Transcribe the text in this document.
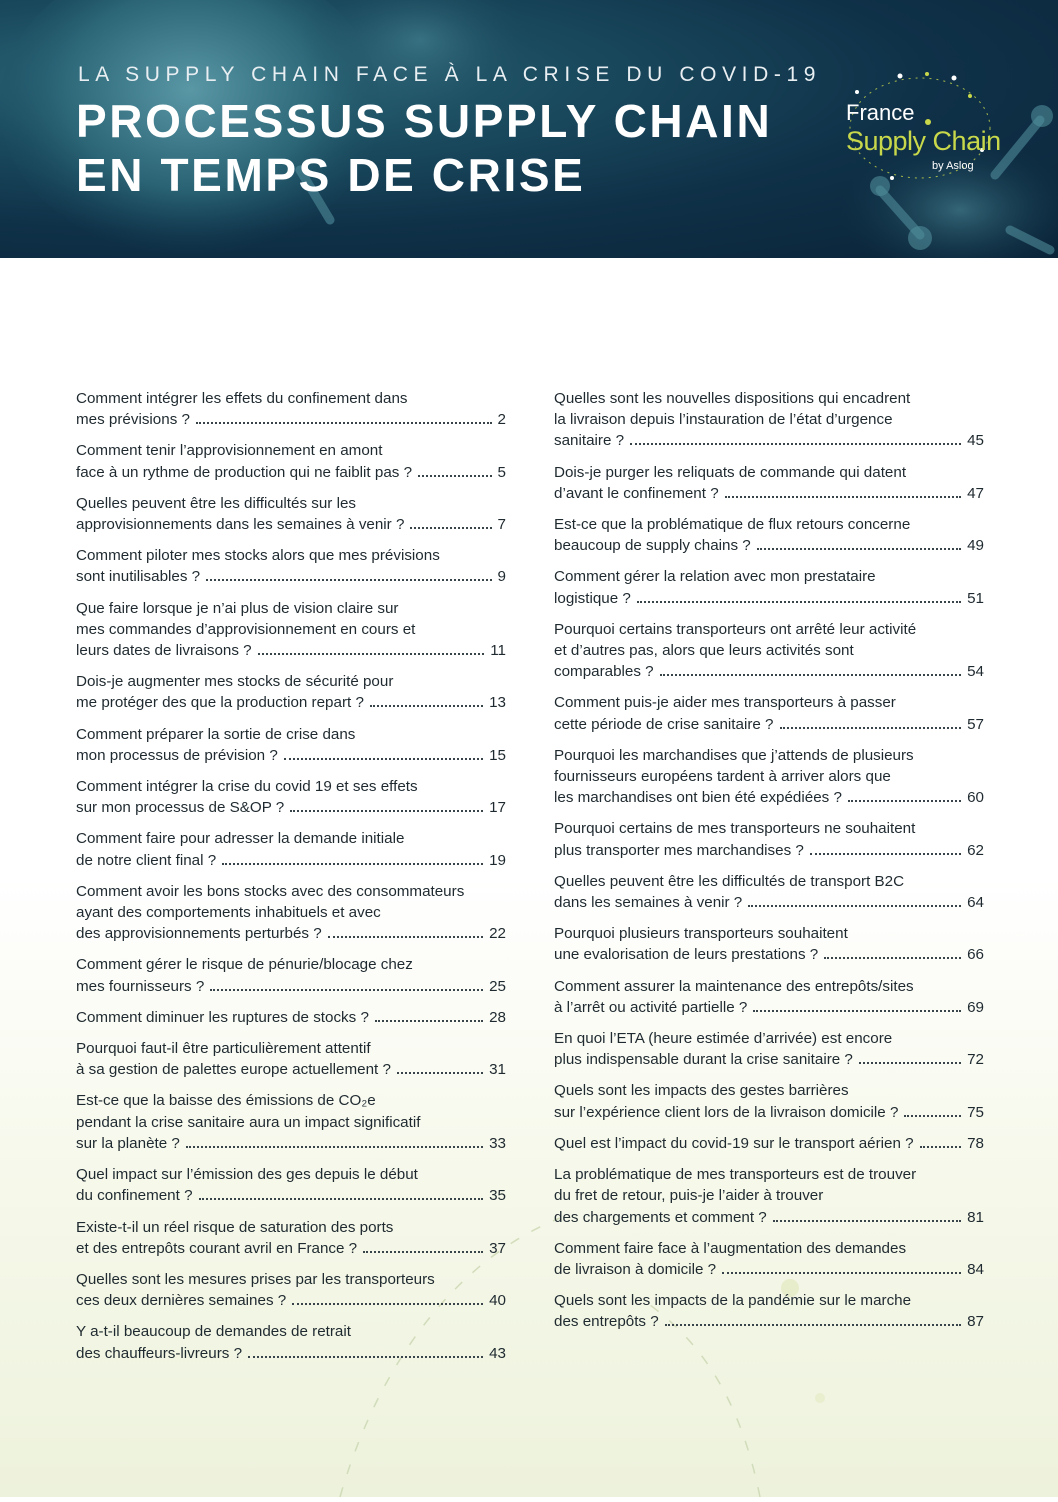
LA SUPPLY CHAIN FACE À LA CRISE DU COVID-19
PROCESSUS SUPPLY CHAIN
EN TEMPS DE CRISE
France
Supply Chain
by Aslog
Comment intégrer les effets du confinement dans
mes prévisions ?	2
Comment tenir l’approvisionnement en amont
face à un rythme de production qui ne faiblit pas ?	5
Quelles peuvent être les difficultés sur les
approvisionnements dans les semaines à venir ?	7
Comment piloter mes stocks alors que mes prévisions
sont inutilisables ?	9
Que faire lorsque je n’ai plus de vision claire sur
mes commandes d’approvisionnement en cours et
leurs dates de livraisons ?	11
Dois-je augmenter mes stocks de sécurité pour
me protéger des que la production repart ?	13
Comment préparer la sortie de crise dans
mon processus de prévision ?	15
Comment intégrer la crise du covid 19 et ses effets
sur mon processus de S&OP ?	17
Comment faire pour adresser la demande initiale
de notre client final ?	19
Comment avoir les bons stocks avec des consommateurs
ayant des comportements inhabituels et avec
des approvisionnements perturbés ?	22
Comment gérer le risque de pénurie/blocage chez
mes fournisseurs ?	25
Comment diminuer les ruptures de stocks ?	28
Pourquoi faut-il être particulièrement attentif
à sa gestion de palettes europe actuellement ?	31
Est-ce que la baisse des émissions de CO₂e
pendant la crise sanitaire aura un impact significatif
sur la planète ?	33
Quel impact sur l’émission des ges depuis le début
du confinement ?	35
Existe-t-il un réel risque de saturation des ports
et des entrepôts courant avril en France ?	37
Quelles sont les mesures prises par les transporteurs
ces deux dernières semaines ?	40
Y a-t-il beaucoup de demandes de retrait
des chauffeurs-livreurs ?	43
Quelles sont les nouvelles dispositions qui encadrent
la livraison depuis l’instauration de l’état d’urgence
sanitaire ?	45
Dois-je purger les reliquats de commande qui datent
d’avant le confinement ?	47
Est-ce que la problématique de flux retours concerne
beaucoup de supply chains ?	49
Comment gérer la relation avec mon prestataire
logistique ?	51
Pourquoi certains transporteurs ont arrêté leur activité
et d’autres pas, alors que leurs activités sont
comparables ?	54
Comment puis-je aider mes transporteurs à passer
cette période de crise sanitaire ?	57
Pourquoi les marchandises que j’attends de plusieurs
fournisseurs européens tardent à arriver alors que
les marchandises ont bien été expédiées ?	60
Pourquoi certains de mes transporteurs ne souhaitent
plus transporter mes marchandises ?	62
Quelles peuvent être les difficultés de transport B2C
dans les semaines à venir ?	64
Pourquoi plusieurs transporteurs souhaitent
une evalorisation de leurs prestations ?	66
Comment assurer la maintenance des entrepôts/sites
à l’arrêt ou activité partielle ?	69
En quoi l’ETA (heure estimée d’arrivée) est encore
plus indispensable durant la crise sanitaire ?	72
Quels sont les impacts des gestes barrières
sur l’expérience client lors de la livraison domicile ?	75
Quel est l’impact du covid-19 sur le transport aérien ?	78
La problématique de mes transporteurs est de trouver
du fret de retour, puis-je l’aider à trouver
des chargements et comment ?	81
Comment faire face à l’augmentation des demandes
de livraison à domicile ?	84
Quels sont les impacts de la pandémie sur le marche
des entrepôts ?	87
